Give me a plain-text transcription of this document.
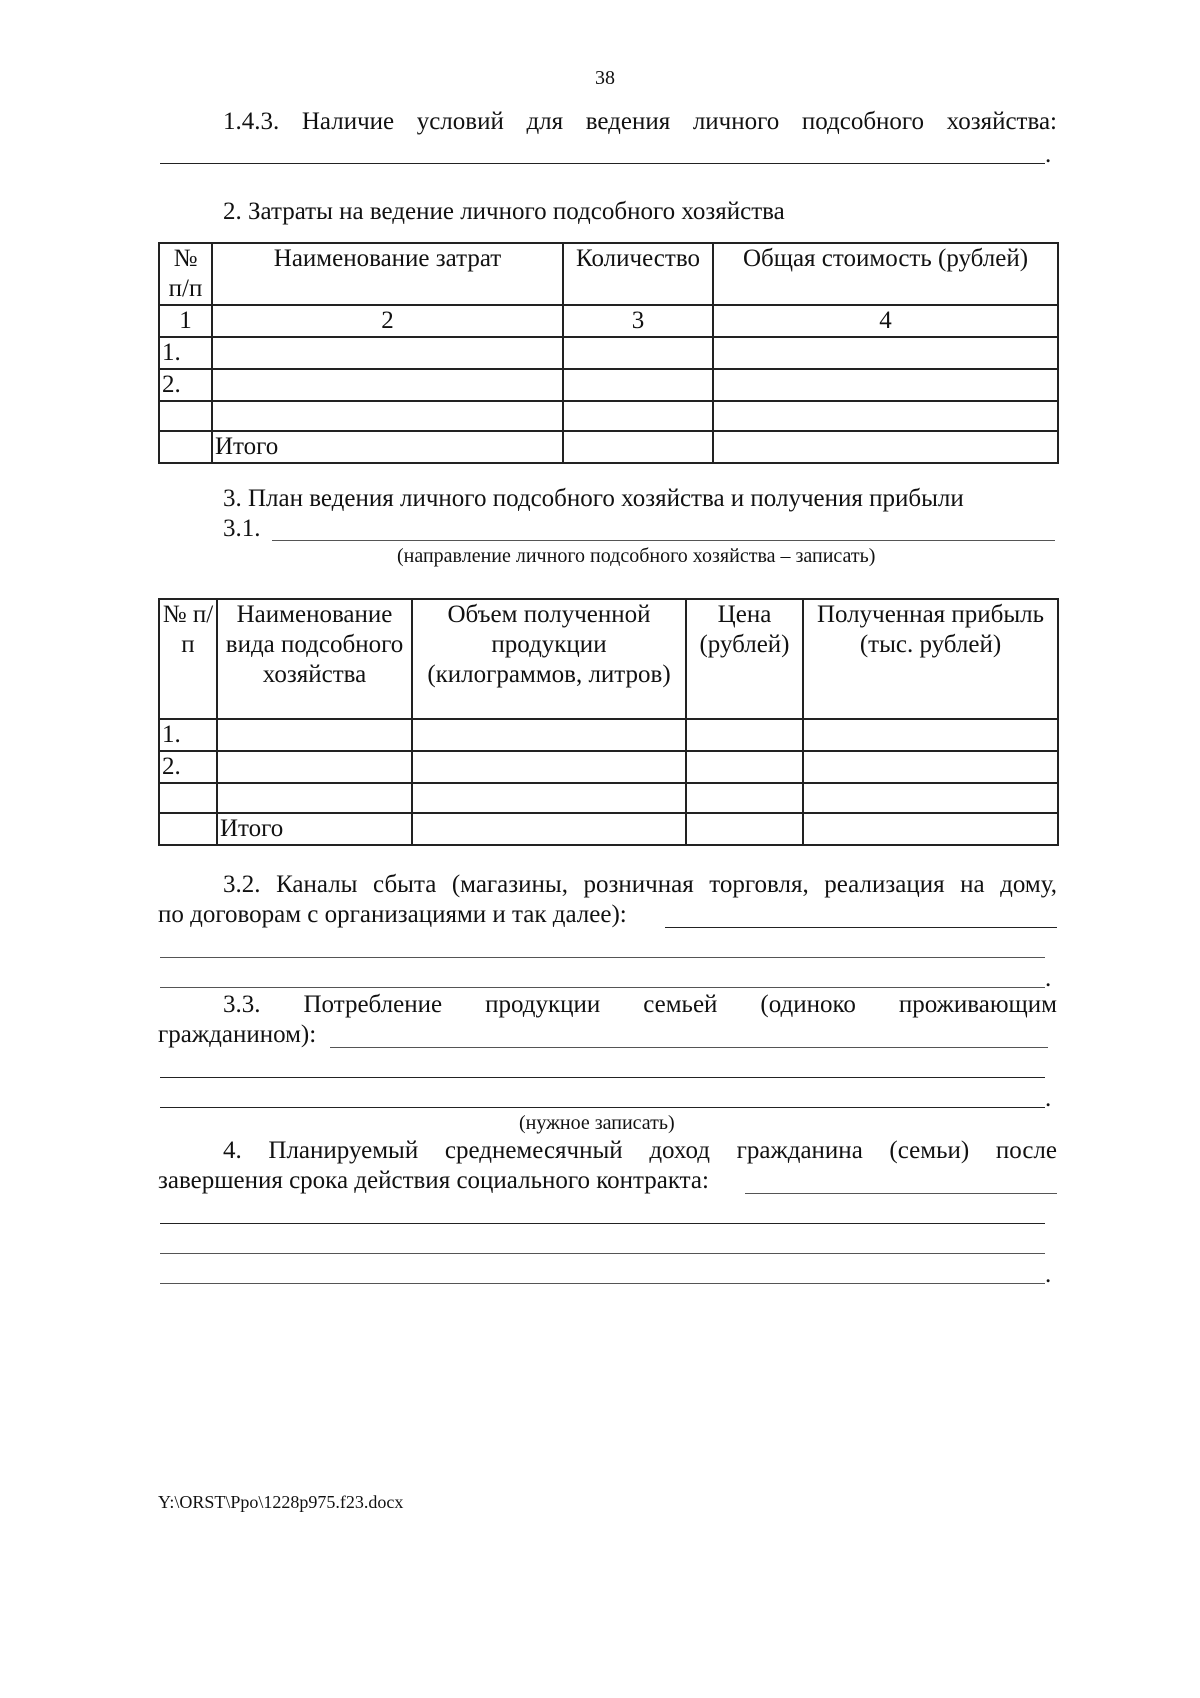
38
1.4.3. Наличие условий для ведения личного подсобного хозяйства:
.
2. Затраты на ведение личного подсобного хозяйства
№ п/п	Наименование затрат	Количество	Общая стоимость (рублей)
1	2	3	4
1.			
2.			

	Итого		
3. План ведения личного подсобного хозяйства и получения прибыли
3.1.
(направление личного подсобного хозяйства – записать)
№ п/п	Наименование вида подсобного хозяйства	Объем полученной продукции (килограммов, литров)	Цена (рублей)	Полученная прибыль (тыс. рублей)
1.				
2.				

	Итого			
3.2. Каналы сбыта (магазины, розничная торговля, реализация на дому,
по договорам с организациями и так далее):
.
3.3. Потребление продукции семьей (одиноко проживающим
гражданином):
.
(нужное записать)
4. Планируемый среднемесячный доход гражданина (семьи) после
завершения срока действия социального контракта:
.
Y:\ORST\Ppo\1228p975.f23.docx
